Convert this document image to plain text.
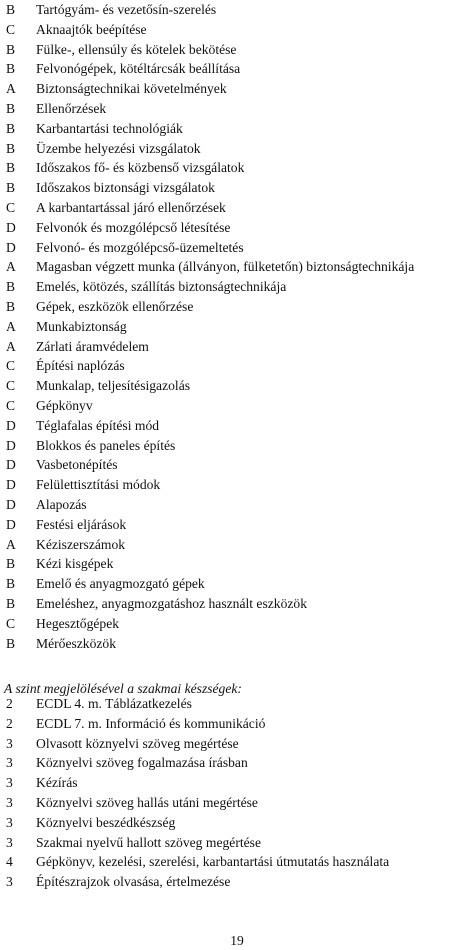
B	Tartógyám- és vezetősín-szerelés
C	Aknaajtók beépítése
B	Fülke-, ellensúly és kötelek bekötése
B	Felvonógépek, kötéltárcsák beállítása
A	Biztonságtechnikai követelmények
B	Ellenőrzések
B	Karbantartási technológiák
B	Üzembe helyezési vizsgálatok
B	Időszakos fő- és közbenső vizsgálatok
B	Időszakos biztonsági vizsgálatok
C	A karbantartással járó ellenőrzések
D	Felvonók és mozgólépcső létesítése
D	Felvonó- és mozgólépcső-üzemeltetés
A	Magasban végzett munka (állványon, fülketetőn) biztonságtechnikája
B	Emelés, kötözés, szállítás biztonságtechnikája
B	Gépek, eszközök ellenőrzése
A	Munkabiztonság
A	Zárlati áramvédelem
C	Építési naplózás
C	Munkalap, teljesítésigazolás
C	Gépkönyv
D	Téglafalas építési mód
D	Blokkos és paneles építés
D	Vasbetonépítés
D	Felülettisztítási módok
D	Alapozás
D	Festési eljárások
A	Kéziszerszámok
B	Kézi kisgépek
B	Emelő és anyagmozgató gépek
B	Emeléshez, anyagmozgatáshoz használt eszközök
C	Hegesztőgépek
B	Mérőeszközök
A szint megjelölésével a szakmai készségek:
2	ECDL 4. m. Táblázatkezelés
2	ECDL 7. m. Információ és kommunikáció
3	Olvasott köznyelvi szöveg megértése
3	Köznyelvi szöveg fogalmazása írásban
3	Kézírás
3	Köznyelvi szöveg hallás utáni megértése
3	Köznyelvi beszédkészség
3	Szakmai nyelvű hallott szöveg megértése
4	Gépkönyv, kezelési, szerelési, karbantartási útmutatás használata
3	Építészrajzok olvasása, értelmezése
19
